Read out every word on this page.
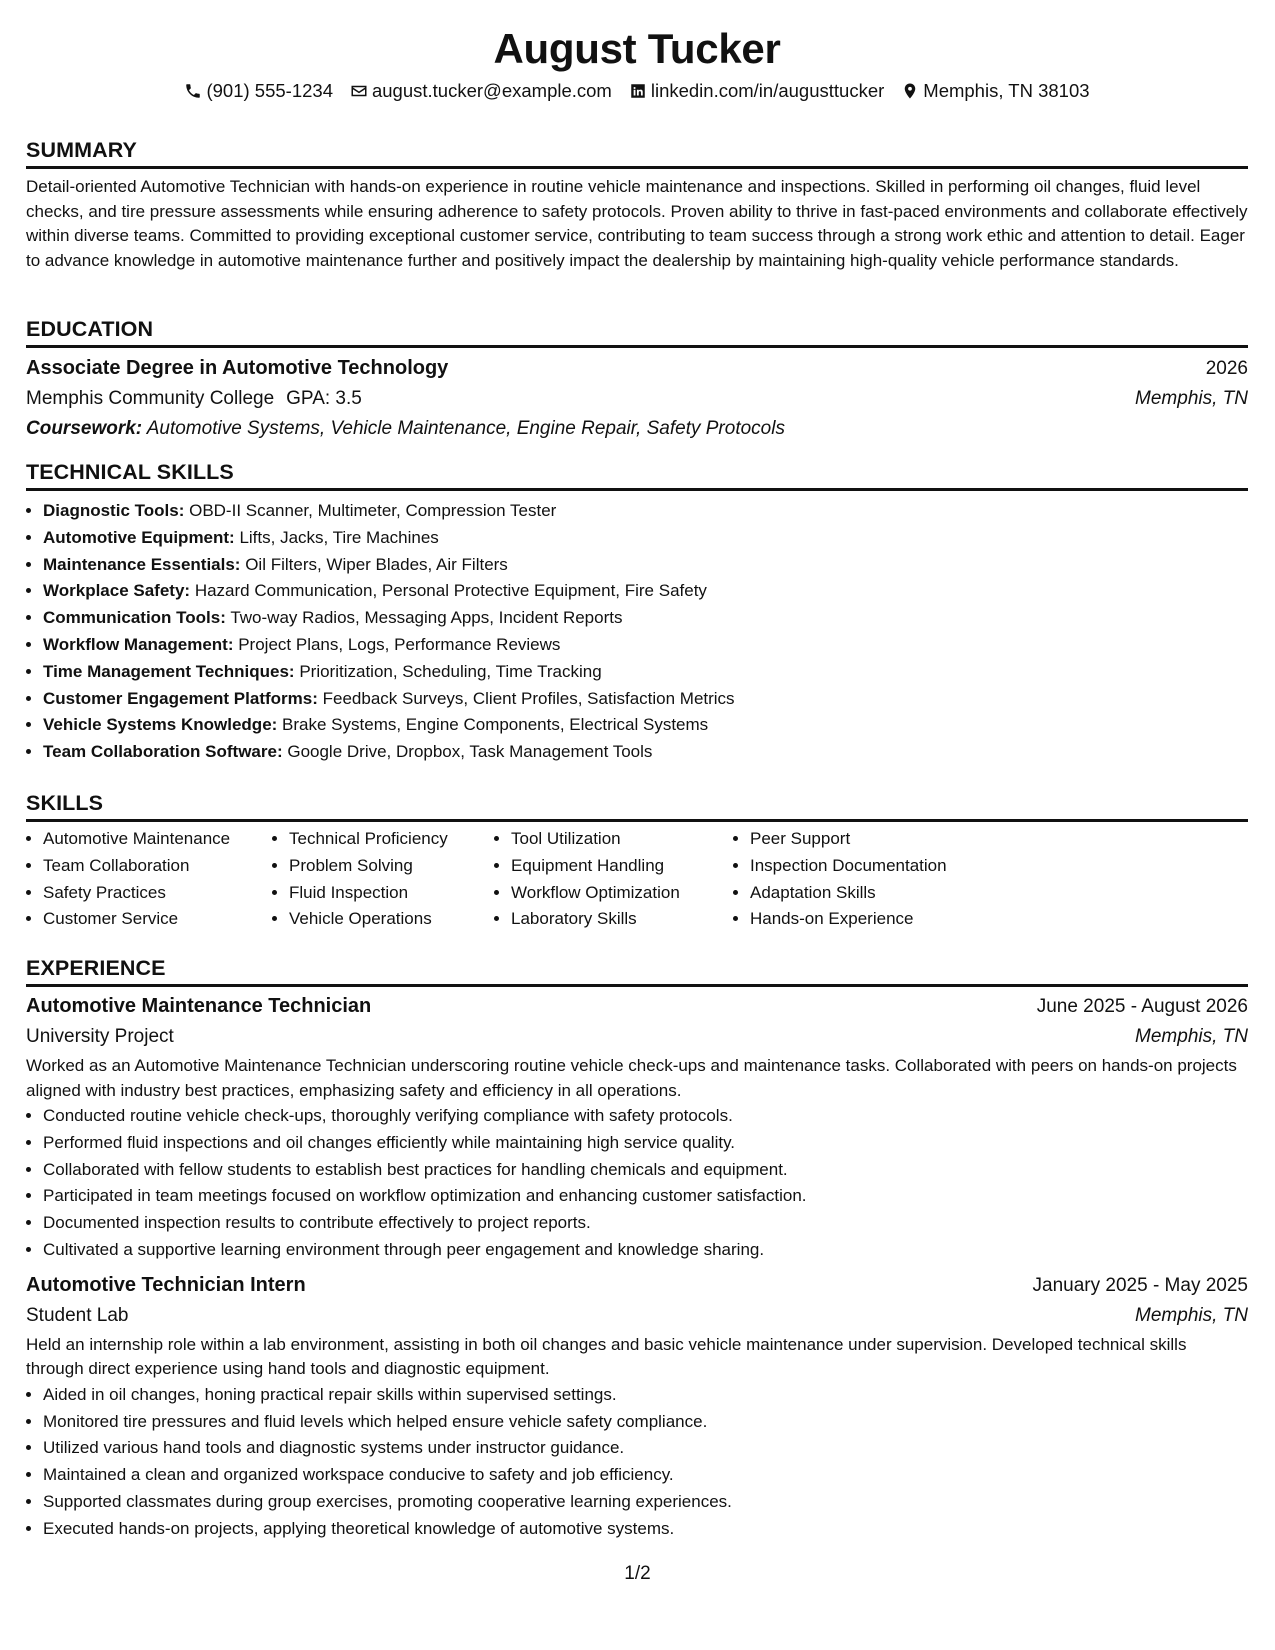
August Tucker
(901) 555-1234 august.tucker@example.com linkedin.com/in/augusttucker Memphis, TN 38103
SUMMARY

Detail-oriented Automotive Technician with hands-on experience in routine vehicle maintenance and inspections. Skilled in performing oil changes, fluid level checks, and tire pressure assessments while ensuring adherence to safety protocols. Proven ability to thrive in fast-paced environments and collaborate effectively within diverse teams. Committed to providing exceptional customer service, contributing to team success through a strong work ethic and attention to detail. Eager to advance knowledge in automotive maintenance further and positively impact the dealership by maintaining high-quality vehicle performance standards.

EDUCATION
Associate Degree in Automotive Technology	2026
Memphis Community College GPA: 3.5	Memphis, TN
Coursework: Automotive Systems, Vehicle Maintenance, Engine Repair, Safety Protocols
TECHNICAL SKILLS
• Diagnostic Tools: OBD-II Scanner, Multimeter, Compression Tester
• Automotive Equipment: Lifts, Jacks, Tire Machines
• Maintenance Essentials: Oil Filters, Wiper Blades, Air Filters
• Workplace Safety: Hazard Communication, Personal Protective Equipment, Fire Safety
• Communication Tools: Two-way Radios, Messaging Apps, Incident Reports
• Workflow Management: Project Plans, Logs, Performance Reviews
• Time Management Techniques: Prioritization, Scheduling, Time Tracking
• Customer Engagement Platforms: Feedback Surveys, Client Profiles, Satisfaction Metrics
• Vehicle Systems Knowledge: Brake Systems, Engine Components, Electrical Systems
• Team Collaboration Software: Google Drive, Dropbox, Task Management Tools
SKILLS
• Automotive Maintenance
• Team Collaboration
• Safety Practices
• Customer Service
• Technical Proficiency
• Problem Solving
• Fluid Inspection
• Vehicle Operations
• Tool Utilization
• Equipment Handling
• Workflow Optimization
• Laboratory Skills
• Peer Support
• Inspection Documentation
• Adaptation Skills
• Hands-on Experience
EXPERIENCE
Automotive Maintenance Technician	June 2025 - August 2026
University Project	Memphis, TN

Worked as an Automotive Maintenance Technician underscoring routine vehicle check-ups and maintenance tasks. Collaborated with peers on hands-on projects aligned with industry best practices, emphasizing safety and efficiency in all operations.

• Conducted routine vehicle check-ups, thoroughly verifying compliance with safety protocols.
• Performed fluid inspections and oil changes efficiently while maintaining high service quality.
• Collaborated with fellow students to establish best practices for handling chemicals and equipment.
• Participated in team meetings focused on workflow optimization and enhancing customer satisfaction.
• Documented inspection results to contribute effectively to project reports.
• Cultivated a supportive learning environment through peer engagement and knowledge sharing.
Automotive Technician Intern	January 2025 - May 2025
Student Lab	Memphis, TN

Held an internship role within a lab environment, assisting in both oil changes and basic vehicle maintenance under supervision. Developed technical skills through direct experience using hand tools and diagnostic equipment.

• Aided in oil changes, honing practical repair skills within supervised settings.
• Monitored tire pressures and fluid levels which helped ensure vehicle safety compliance.
• Utilized various hand tools and diagnostic systems under instructor guidance.
• Maintained a clean and organized workspace conducive to safety and job efficiency.
• Supported classmates during group exercises, promoting cooperative learning experiences.
• Executed hands-on projects, applying theoretical knowledge of automotive systems.
1/2
